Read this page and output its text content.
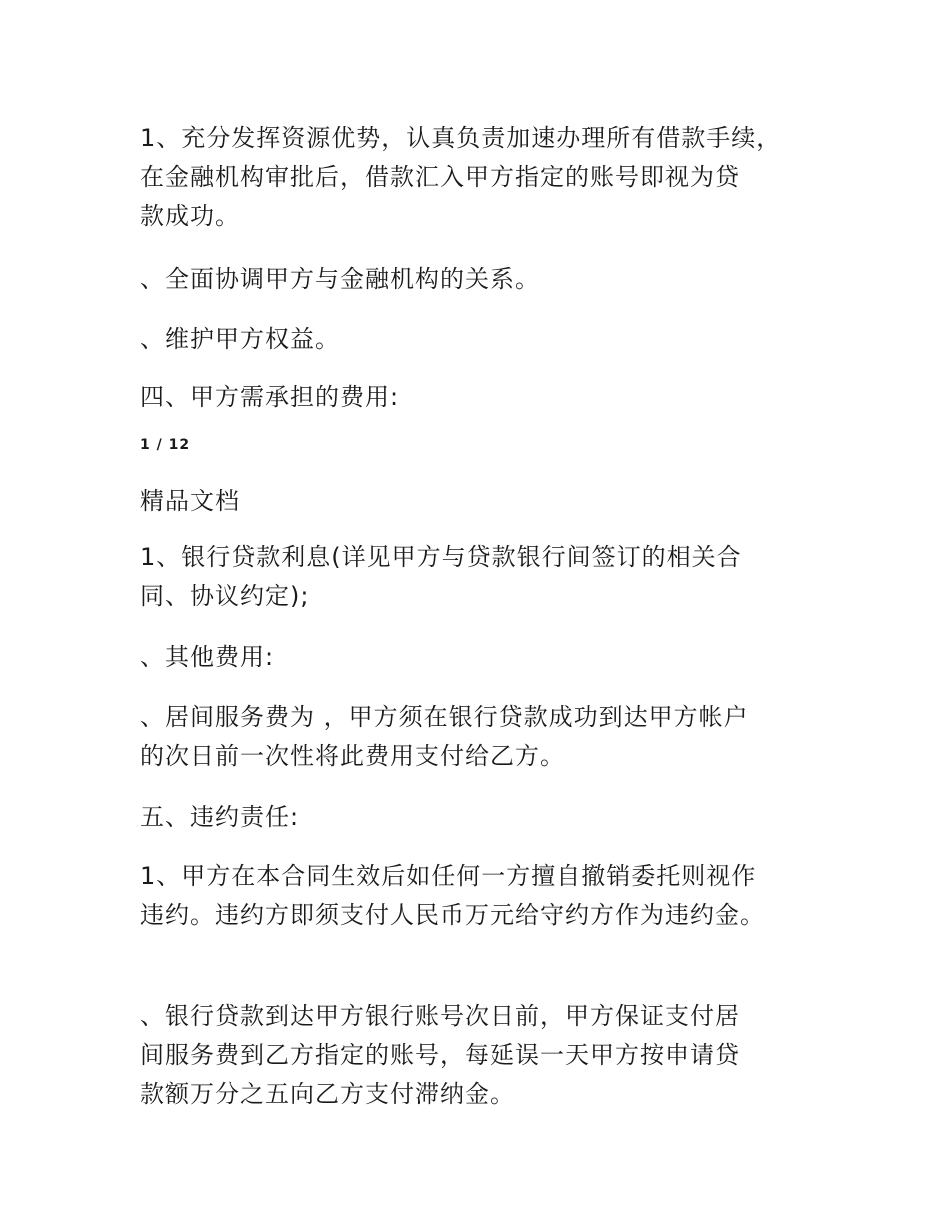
1、充分发挥资源优势，认真负责加速办理所有借款手续，
在金融机构审批后，借款汇入甲方指定的账号即视为贷
款成功。

、全面协调甲方与金融机构的关系。

、维护甲方权益。

四、甲方需承担的费用:

1 / 12
精品文档

1、银行贷款利息(详见甲方与贷款银行间签订的相关合
同、协议约定);

、其他费用:

、居间服务费为 ，甲方须在银行贷款成功到达甲方帐户
的次日前一次性将此费用支付给乙方。

五、违约责任:

1、甲方在本合同生效后如任何一方擅自撤销委托则视作
违约。违约方即须支付人民币万元给守约方作为违约金。

、银行贷款到达甲方银行账号次日前，甲方保证支付居
间服务费到乙方指定的账号，每延误一天甲方按申请贷
款额万分之五向乙方支付滞纳金。
